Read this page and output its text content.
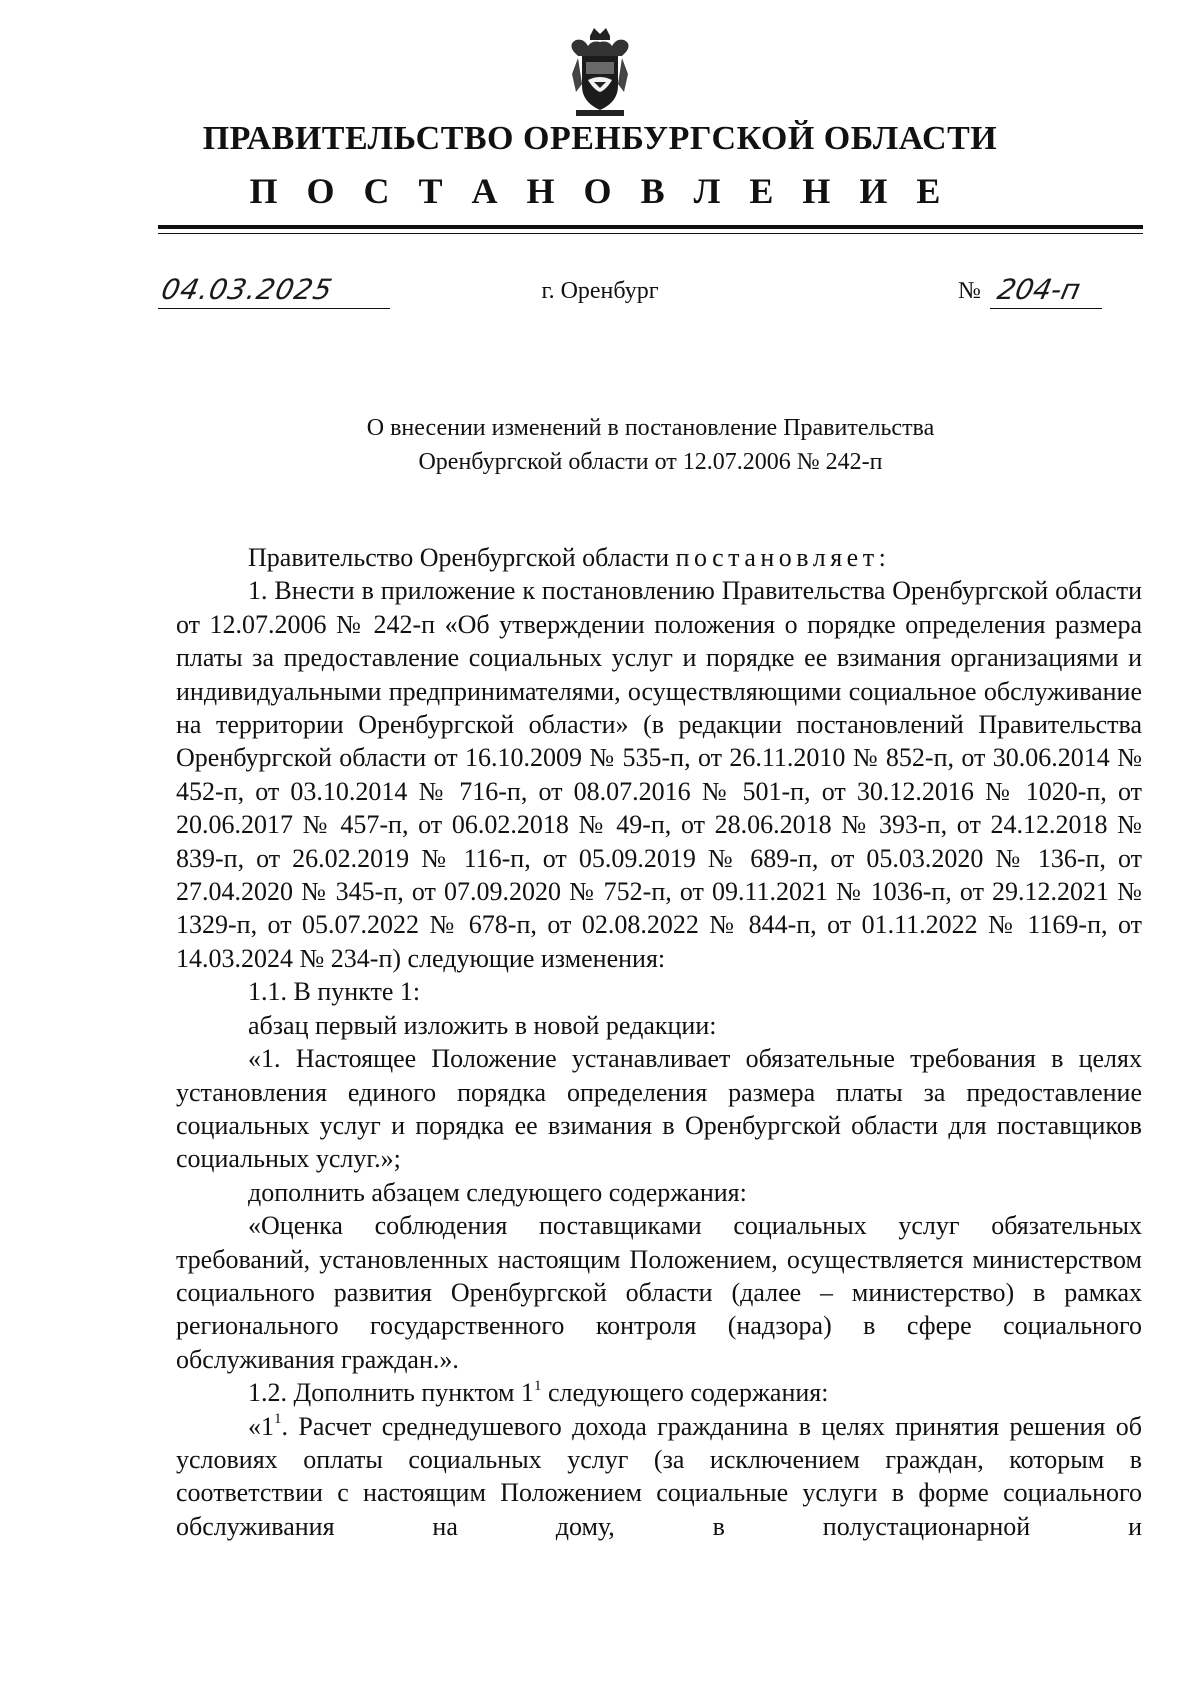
ПРАВИТЕЛЬСТВО ОРЕНБУРГСКОЙ ОБЛАСТИ
П О С Т А Н О В Л Е Н И Е
04.03.2025	г. Оренбург	№ 204-п
О внесении изменений в постановление Правительства
Оренбургской области от 12.07.2006 № 242-п

Правительство Оренбургской области постановляет:

1. Внести в приложение к постановлению Правительства Оренбургской области от 12.07.2006 № 242-п «Об утверждении положения о порядке определения размера платы за предоставление социальных услуг и порядке ее взимания организациями и индивидуальными предпринимателями, осуществляющими социальное обслуживание на территории Оренбургской области» (в редакции постановлений Правительства Оренбургской области от 16.10.2009 № 535-п, от 26.11.2010 № 852-п, от 30.06.2014 № 452-п, от 03.10.2014 № 716-п, от 08.07.2016 № 501-п, от 30.12.2016 № 1020-п, от 20.06.2017 № 457-п, от 06.02.2018 № 49-п, от 28.06.2018 № 393-п, от 24.12.2018 № 839-п, от 26.02.2019 № 116-п, от 05.09.2019 № 689-п, от 05.03.2020 № 136-п, от 27.04.2020 № 345-п, от 07.09.2020 № 752-п, от 09.11.2021 № 1036-п, от 29.12.2021 № 1329-п, от 05.07.2022 № 678-п, от 02.08.2022 № 844-п, от 01.11.2022 № 1169-п, от 14.03.2024 № 234-п) следующие изменения:

1.1. В пункте 1:

абзац первый изложить в новой редакции:

«1. Настоящее Положение устанавливает обязательные требования в целях установления единого порядка определения размера платы за предоставление социальных услуг и порядка ее взимания в Оренбургской области для поставщиков социальных услуг.»;

дополнить абзацем следующего содержания:

«Оценка соблюдения поставщиками социальных услуг обязательных требований, установленных настоящим Положением, осуществляется министерством социального развития Оренбургской области (далее – министерство) в рамках регионального государственного контроля (надзора) в сфере социального обслуживания граждан.».

1.2. Дополнить пунктом $1^1$ следующего содержания:

«$1^1$. Расчет среднедушевого дохода гражданина в целях принятия решения об условиях оплаты социальных услуг (за исключением граждан, которым в соответствии с настоящим Положением социальные услуги в форме социального обслуживания на дому, в полустационарной и
